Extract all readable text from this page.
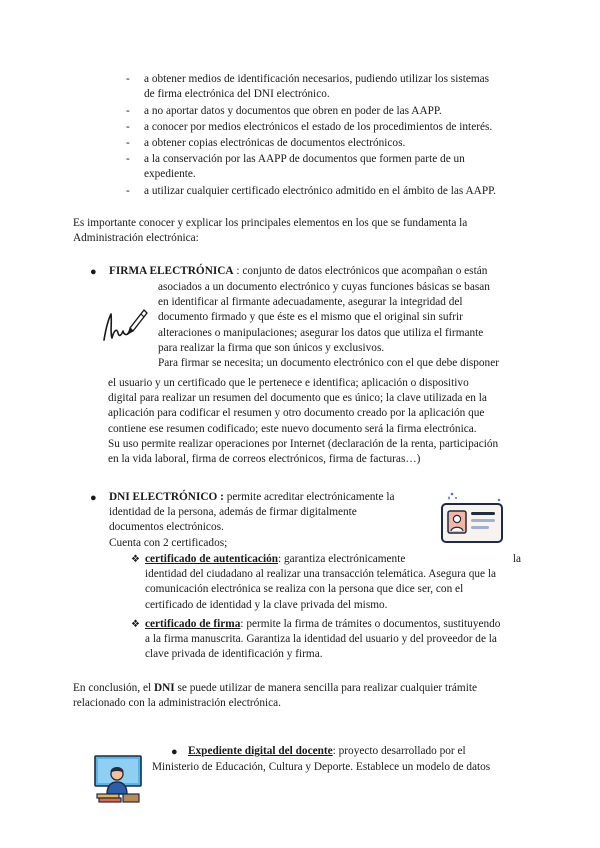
- a obtener medios de identificación necesarios, pudiendo utilizar los sistemas
de firma electrónica del DNI electrónico.
- a no aportar datos y documentos que obren en poder de las AAPP.
- a conocer por medios electrónicos el estado de los procedimientos de interés.
- a obtener copias electrónicas de documentos electrónicos.
- a la conservación por las AAPP de documentos que formen parte de un
expediente.
- a utilizar cualquier certificado electrónico admitido en el ámbito de las AAPP.
Es importante conocer y explicar los principales elementos en los que se fundamenta la
Administración electrónica:
● FIRMA ELECTRÓNICA : conjunto de datos electrónicos que acompañan o están
asociados a un documento electrónico y cuyas funciones básicas se basan
en identificar al firmante adecuadamente, asegurar la integridad del
documento firmado y que éste es el mismo que el original sin sufrir
alteraciones o manipulaciones; asegurar los datos que utiliza el firmante
para realizar la firma que son únicos y exclusivos.
Para firmar se necesita; un documento electrónico con el que debe disponer
el usuario y un certificado que le pertenece e identifica; aplicación o dispositivo
digital para realizar un resumen del documento que es único; la clave utilizada en la
aplicación para codificar el resumen y otro documento creado por la aplicación que
contiene ese resumen codificado; este nuevo documento será la firma electrónica.
Su uso permite realizar operaciones por Internet (declaración de la renta, participación
en la vida laboral, firma de correos electrónicos, firma de facturas…)
● DNI ELECTRÓNICO : permite acreditar electrónicamente la
identidad de la persona, además de firmar digitalmente
documentos electrónicos.
Cuenta con 2 certificados;
❖ certificado de autenticación: garantiza electrónicamente	la
identidad del ciudadano al realizar una transacción telemática. Asegura que la
comunicación electrónica se realiza con la persona que dice ser, con el
certificado de identidad y la clave privada del mismo.
❖ certificado de firma: permite la firma de trámites o documentos, sustituyendo
a la firma manuscrita. Garantiza la identidad del usuario y del proveedor de la
clave privada de identificación y firma.
En conclusión, el DNI se puede utilizar de manera sencilla para realizar cualquier trámite
relacionado con la administración electrónica.
● Expediente digital del docente: proyecto desarrollado por el
Ministerio de Educación, Cultura y Deporte. Establece un modelo de datos
